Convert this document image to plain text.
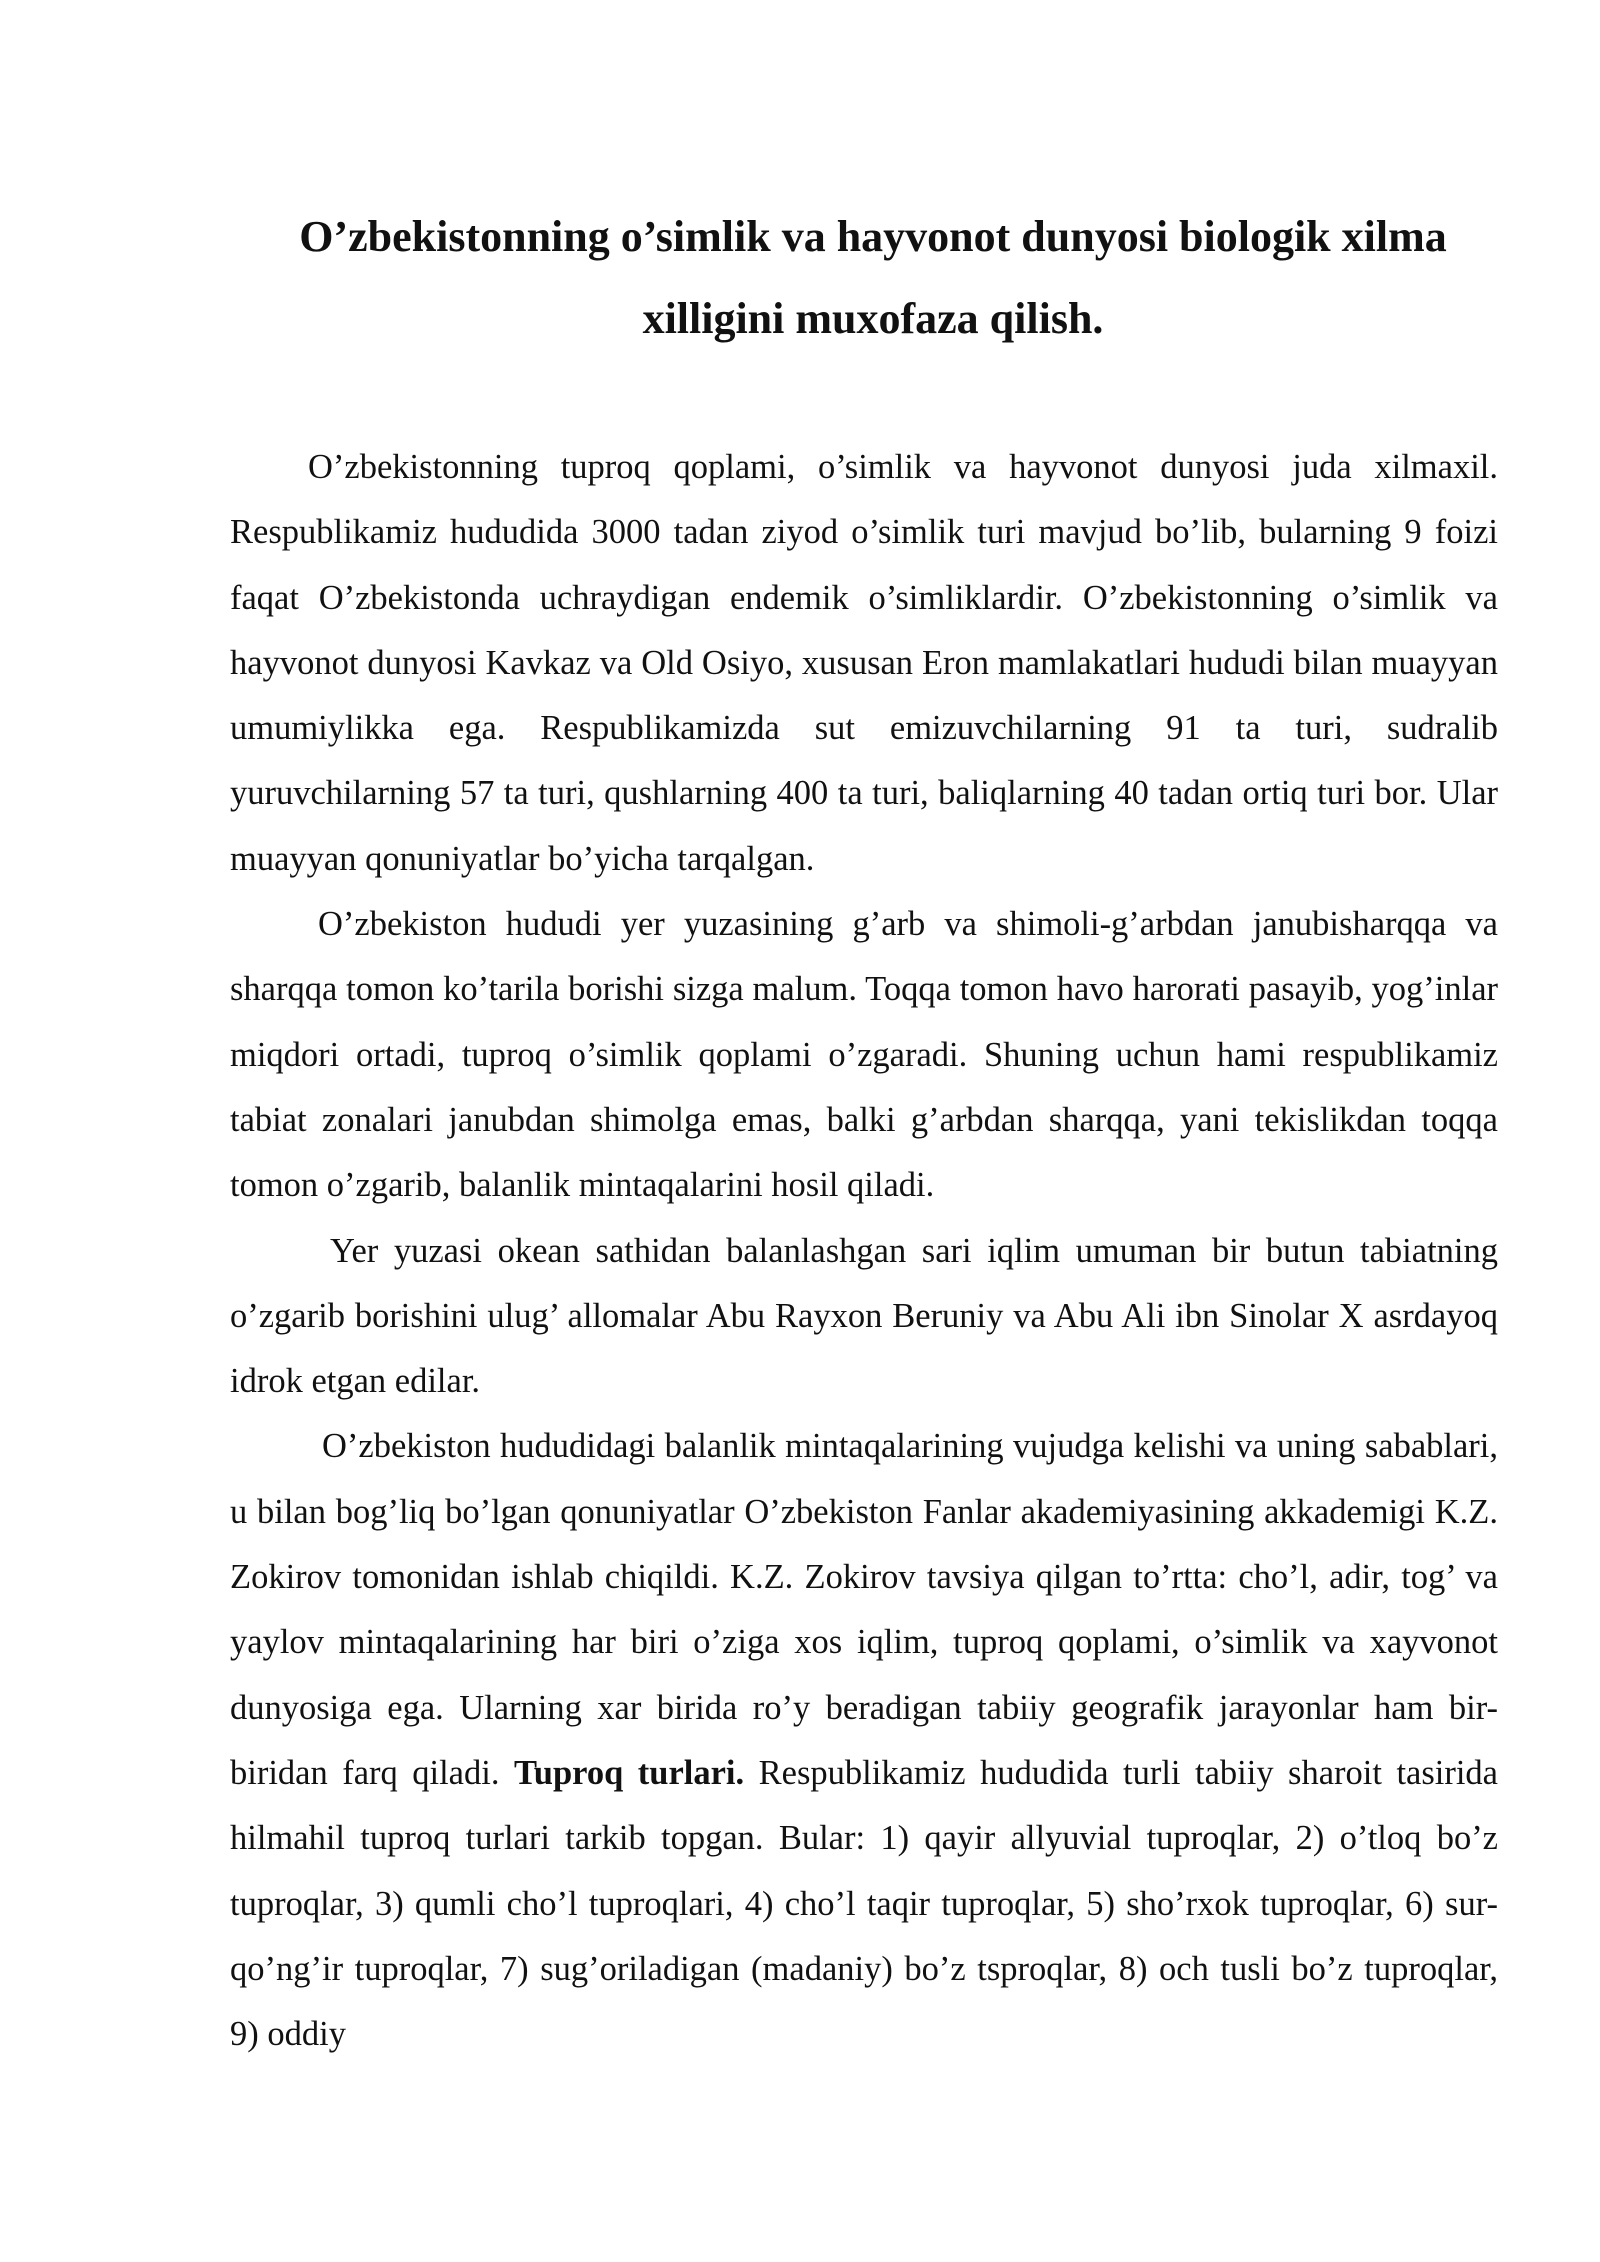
O’zbekistonning o’simlik va hayvonot dunyosi biologik xilma xilligini muxofaza qilish.

O’zbekistonning tuproq qoplami, o’simlik va hayvonot dunyosi juda xilmaxil. Respublikamiz hududida 3000 tadan ziyod o’simlik turi mavjud bo’lib, bularning 9 foizi faqat O’zbekistonda uchraydigan endemik o’simliklardir. O’zbekistonning o’simlik va hayvonot dunyosi Kavkaz va Old Osiyo, xususan Eron mamlakatlari hududi bilan muayyan umumiylikka ega. Respublikamizda sut emizuvchilarning 91 ta turi, sudralib yuruvchilarning 57 ta turi, qushlarning 400 ta turi, baliqlarning 40 tadan ortiq turi bor. Ular muayyan qonuniyatlar bo’yicha tarqalgan.

O’zbekiston hududi yer yuzasining g’arb va shimoli-g’arbdan janubisharqqa va sharqqa tomon ko’tarila borishi sizga malum. Toqqa tomon havo harorati pasayib, yog’inlar miqdori ortadi, tuproq o’simlik qoplami o’zgaradi. Shuning uchun hami respublikamiz tabiat zonalari janubdan shimolga emas, balki g’arbdan sharqqa, yani tekislikdan toqqa tomon o’zgarib, balanlik mintaqalarini hosil qiladi.

Yer yuzasi okean sathidan balanlashgan sari iqlim umuman bir butun tabiatning o’zgarib borishini ulug’ allomalar Abu Rayxon Beruniy va Abu Ali ibn Sinolar X asrdayoq idrok etgan edilar.

O’zbekiston hududidagi balanlik mintaqalarining vujudga kelishi va uning sabablari, u bilan bog’liq bo’lgan qonuniyatlar O’zbekiston Fanlar akademiyasining akkademigi K.Z. Zokirov tomonidan ishlab chiqildi. K.Z. Zokirov tavsiya qilgan to’rtta: cho’l, adir, tog’ va yaylov mintaqalarining har biri o’ziga xos iqlim, tuproq qoplami, o’simlik va xayvonot dunyosiga ega. Ularning xar birida ro’y beradigan tabiiy geografik jarayonlar ham bir-biridan farq qiladi. Tuproq turlari. Respublikamiz hududida turli tabiiy sharoit tasirida hilmahil tuproq turlari tarkib topgan. Bular: 1) qayir allyuvial tuproqlar, 2) o’tloq bo’z tuproqlar, 3) qumli cho’l tuproqlari, 4) cho’l taqir tuproqlar, 5) sho’rxok tuproqlar, 6) sur-qo’ng’ir tuproqlar, 7) sug’oriladigan (madaniy) bo’z tsproqlar, 8) och tusli bo’z tuproqlar, 9) oddiy
